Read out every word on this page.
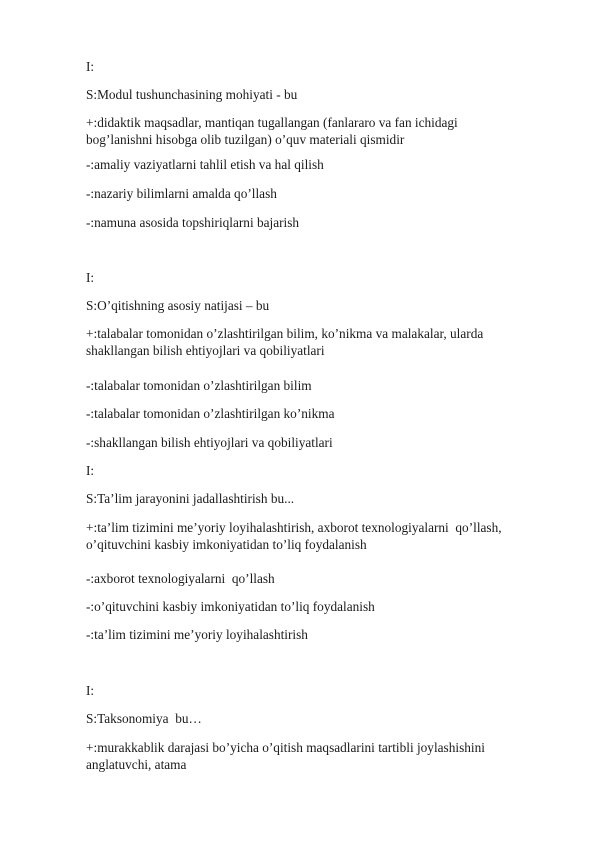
I:
S:Modul tushunchasining mohiyati - bu
+:didaktik maqsadlar, mantiqan tugallangan (fanlararo va fan ichidagi bog’lanishni hisobga olib tuzilgan) o’quv materiali qismidir
-:amaliy vaziyatlarni tahlil etish va hal qilish
-:nazariy bilimlarni amalda qo’llash
-:namuna asosida topshiriqlarni bajarish
I:
S:O’qitishning asosiy natijasi – bu
+:talabalar tomonidan o’zlashtirilgan bilim, ko’nikma va malakalar, ularda shakllangan bilish ehtiyojlari va qobiliyatlari
-:talabalar tomonidan o’zlashtirilgan bilim
-:talabalar tomonidan o’zlashtirilgan ko’nikma
-:shakllangan bilish ehtiyojlari va qobiliyatlari
I:
S:Ta’lim jarayonini jadallashtirish bu...
+:ta’lim tizimini me’yoriy loyihalashtirish, axborot texnologiyalarni  qo’llash, o’qituvchini kasbiy imkoniyatidan to’liq foydalanish
-:axborot texnologiyalarni  qo’llash
-:o’qituvchini kasbiy imkoniyatidan to’liq foydalanish
-:ta’lim tizimini me’yoriy loyihalashtirish
I:
S:Taksonomiya  bu…
+:murakkablik darajasi bo’yicha o’qitish maqsadlarini tartibli joylashishini anglatuvchi, atama
